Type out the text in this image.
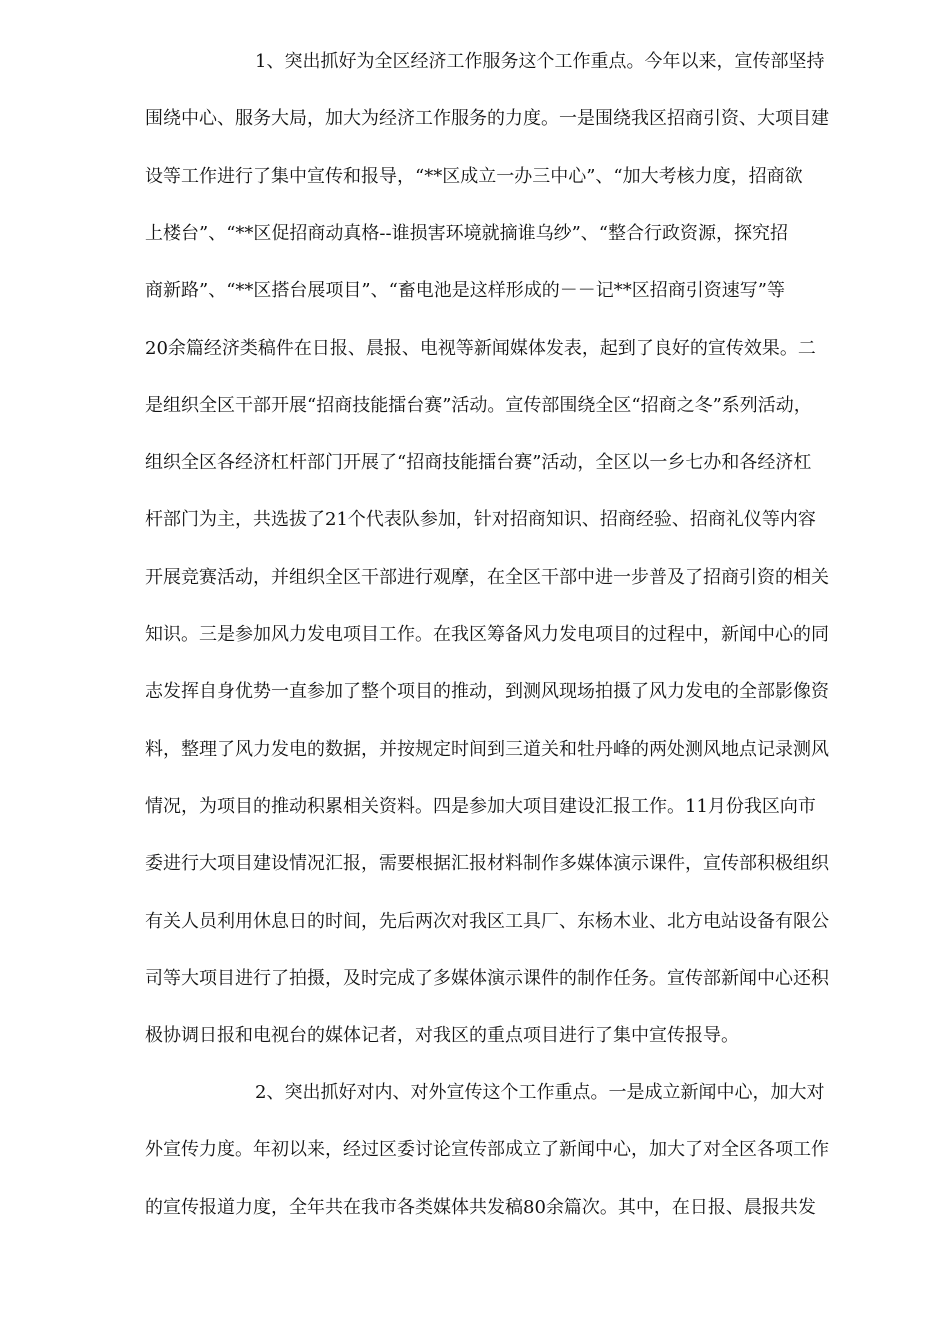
1、突出抓好为全区经济工作服务这个工作重点。今年以来，宣传部坚持
围绕中心、服务大局，加大为经济工作服务的力度。一是围绕我区招商引资、大项目建
设等工作进行了集中宣传和报导，“**区成立一办三中心”、“加大考核力度，招商欲
上楼台”、“**区促招商动真格--谁损害环境就摘谁乌纱”、“整合行政资源，探究招
商新路”、“**区搭台展项目”、“畜电池是这样形成的－－记**区招商引资速写”等
20余篇经济类稿件在日报、晨报、电视等新闻媒体发表，起到了良好的宣传效果。二
是组织全区干部开展“招商技能擂台赛”活动。宣传部围绕全区“招商之冬”系列活动，
组织全区各经济杠杆部门开展了“招商技能擂台赛”活动，全区以一乡七办和各经济杠
杆部门为主，共选拔了21个代表队参加，针对招商知识、招商经验、招商礼仪等内容
开展竞赛活动，并组织全区干部进行观摩，在全区干部中进一步普及了招商引资的相关
知识。三是参加风力发电项目工作。在我区筹备风力发电项目的过程中，新闻中心的同
志发挥自身优势一直参加了整个项目的推动，到测风现场拍摄了风力发电的全部影像资
料，整理了风力发电的数据，并按规定时间到三道关和牡丹峰的两处测风地点记录测风
情况，为项目的推动积累相关资料。四是参加大项目建设汇报工作。11月份我区向市
委进行大项目建设情况汇报，需要根据汇报材料制作多媒体演示课件，宣传部积极组织
有关人员利用休息日的时间，先后两次对我区工具厂、东杨木业、北方电站设备有限公
司等大项目进行了拍摄，及时完成了多媒体演示课件的制作任务。宣传部新闻中心还积
极协调日报和电视台的媒体记者，对我区的重点项目进行了集中宣传报导。
2、突出抓好对内、对外宣传这个工作重点。一是成立新闻中心，加大对
外宣传力度。年初以来，经过区委讨论宣传部成立了新闻中心，加大了对全区各项工作
的宣传报道力度，全年共在我市各类媒体共发稿80余篇次。其中，在日报、晨报共发
